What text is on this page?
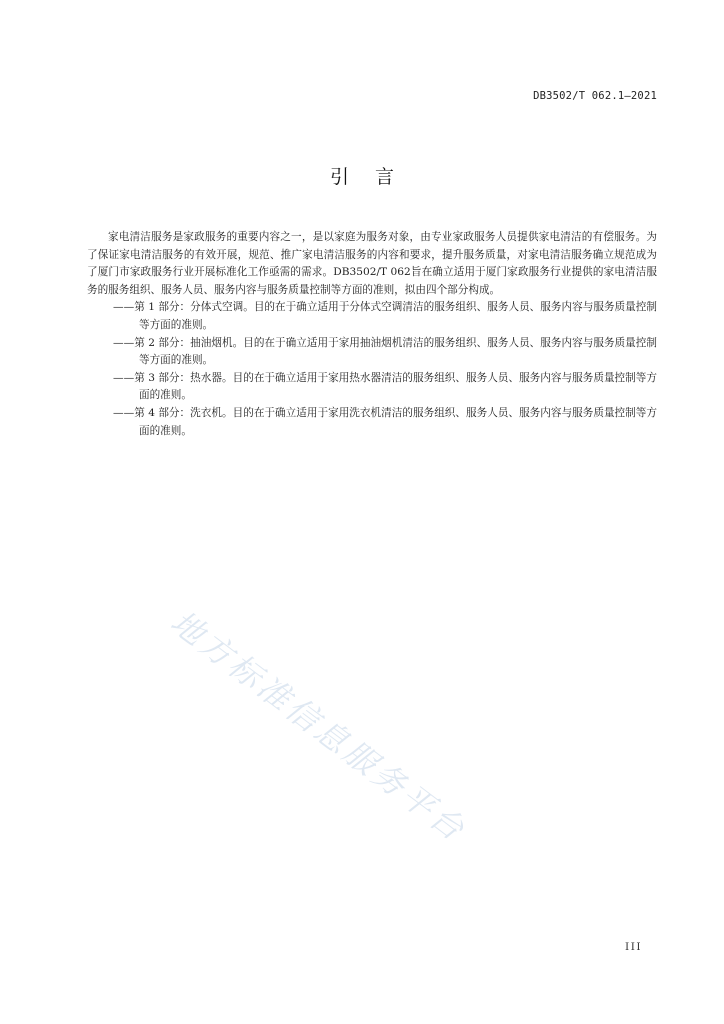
DB3502/T 062.1—2021
引言

家电清洁服务是家政服务的重要内容之一，是以家庭为服务对象，由专业家政服务人员提供家电清洁的有偿服务。为了保证家电清洁服务的有效开展，规范、推广家电清洁服务的内容和要求，提升服务质量，对家电清洁服务确立规范成为了厦门市家政服务行业开展标准化工作亟需的需求。DB3502/T 062旨在确立适用于厦门家政服务行业提供的家电清洁服务的服务组织、服务人员、服务内容与服务质量控制等方面的准则，拟由四个部分构成。

——第 1 部分：分体式空调。目的在于确立适用于分体式空调清洁的服务组织、服务人员、服务内容与服务质量控制等方面的准则。

——第 2 部分：抽油烟机。目的在于确立适用于家用抽油烟机清洁的服务组织、服务人员、服务内容与服务质量控制等方面的准则。

——第 3 部分：热水器。目的在于确立适用于家用热水器清洁的服务组织、服务人员、服务内容与服务质量控制等方面的准则。

——第 4 部分：洗衣机。目的在于确立适用于家用洗衣机清洁的服务组织、服务人员、服务内容与服务质量控制等方面的准则。

地方标准信息服务平台
III
